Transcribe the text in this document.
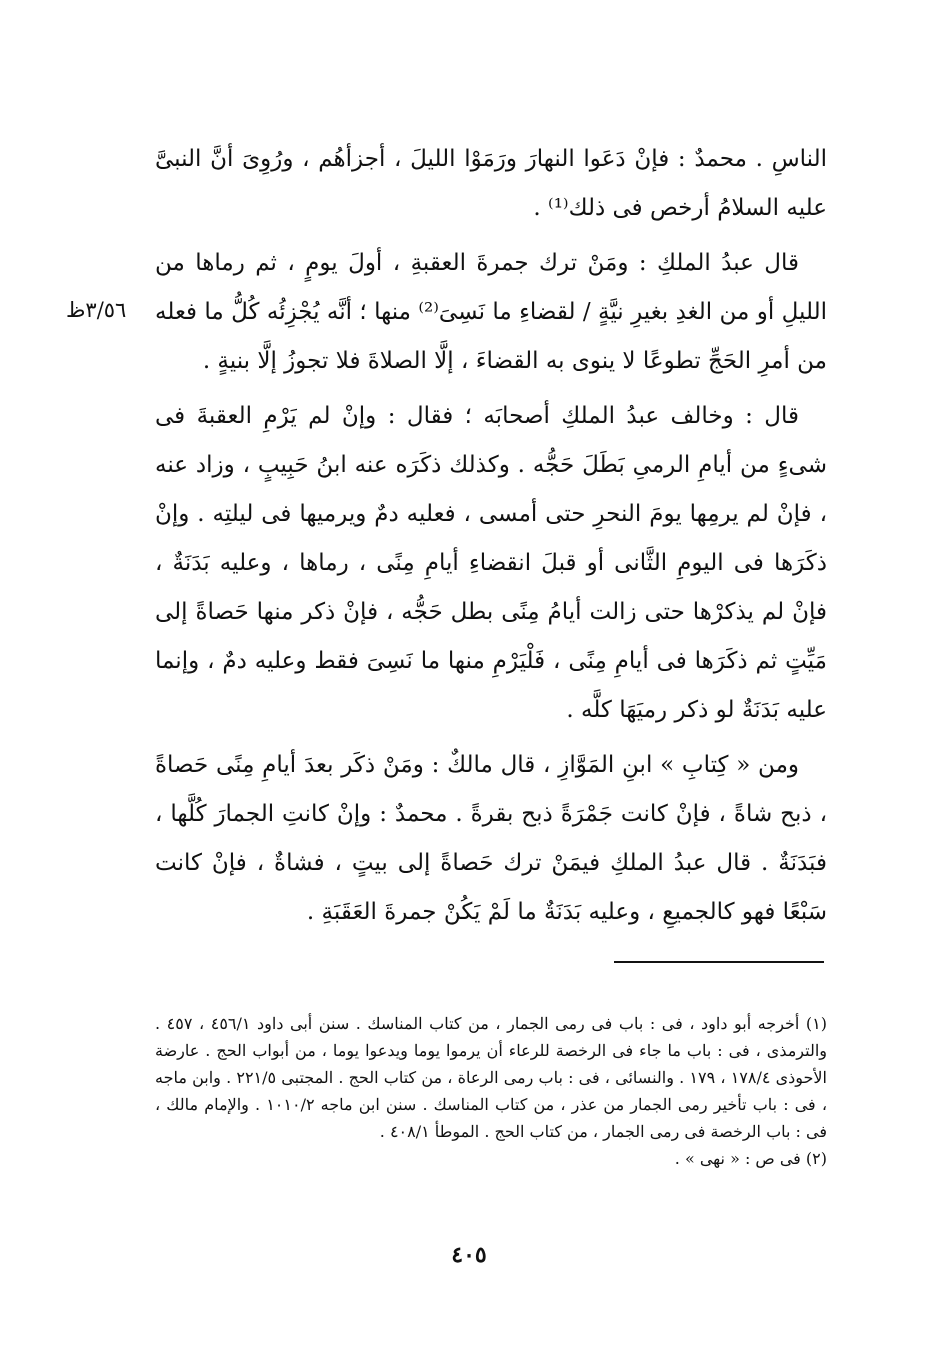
الناسِ . محمدٌ : فإنْ دَعَوا النهارَ ورَمَوْا الليلَ ، أجزأهُم ، ورُوِىَ أنَّ النبىَّ عليه السلامُ أرخص فى ذلك⁽¹⁾ .

قال عبدُ الملكِ : ومَنْ ترك جمرةَ العقبةِ ، أولَ يومٍ ، ثم رماها من الليلِ أو من الغدِ بغيرِ نيَّةٍ / لقضاءِ ما نَسِىَ⁽²⁾ منها ؛ أنَّه يُجْزِئُه كُلُّ ما فعله من أمرِ الحَجِّ تطوعًا لا ينوى به القضاءَ ، إلَّا الصلاةَ فلا تجوزُ إلَّا بنيةٍ .

قال : وخالف عبدُ الملكِ أصحابَه ؛ فقال : وإنْ لم يَرْمِ العقبةَ فى شىءٍ من أيامِ الرمىِ بَطَلَ حَجُّه . وكذلك ذكَرَه عنه ابنُ حَبِيبٍ ، وزاد عنه ، فإنْ لم يرمِها يومَ النحرِ حتى أمسى ، فعليه دمٌ ويرميها فى ليلتِه . وإنْ ذكَرَها فى اليومِ الثَّانى أو قبلَ انقضاءِ أيامِ مِنًى ، رماها ، وعليه بَدَنَةٌ ، فإنْ لم يذكرْها حتى زالت أيامُ مِنًى بطل حَجُّه ، فإنْ ذكر منها حَصاةً إلى مَيِّتٍ ثم ذكَرَها فى أيامِ مِنًى ، فَلْيَرْمِ منها ما نَسِىَ فقط وعليه دمٌ ، وإنما عليه بَدَنَةٌ لو ذكر رميَهَا كلَّه .

ومن « كِتابِ » ابنِ المَوَّازِ ، قال مالكٌ : ومَنْ ذكَر بعدَ أيامِ مِنًى حَصاةً ، ذبح شاةً ، فإنْ كانت جَمْرَةً ذبح بقرةً . محمدٌ : وإنْ كانتِ الجمارَ كُلَّها ، فبَدَنَةٌ . قال عبدُ الملكِ فيمَنْ ترك حَصاةً إلى بيتٍ ، فشاةٌ ، فإنْ كانت سَبْعًا فهو كالجميعِ ، وعليه بَدَنَةٌ ما لَمْ يَكُنْ جمرةَ العَقَبَةِ .

٣/٥٦ظ

(١) أخرجه أبو داود ، فى : باب فى رمى الجمار ، من كتاب المناسك . سنن أبى داود ٤٥٦/١ ، ٤٥٧ . والترمذى ، فى : باب ما جاء فى الرخصة للرعاء أن يرموا يوما ويدعوا يوما ، من أبواب الحج . عارضة الأحوذى ١٧٨/٤ ، ١٧٩ . والنسائى ، فى : باب رمى الرعاة ، من كتاب الحج . المجتبى ٢٢١/٥ . وابن ماجه ، فى : باب تأخير رمى الجمار من عذر ، من كتاب المناسك . سنن ابن ماجه ١٠١٠/٢ . والإمام مالك ، فى : باب الرخصة فى رمى الجمار ، من كتاب الحج . الموطأ ٤٠٨/١ .

(٢) فى ص : « نهى » .

٤٠٥
